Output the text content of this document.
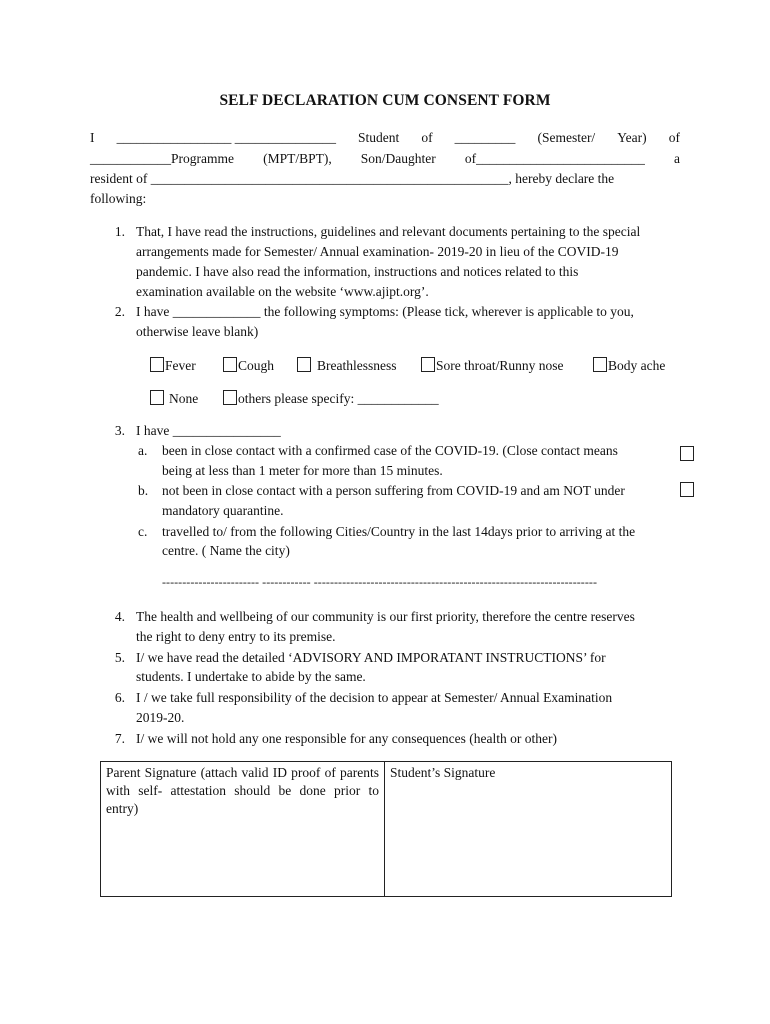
SELF DECLARATION CUM CONSENT FORM
I _________________ _______________ Student of _________ (Semester/ Year) of
____________Programme (MPT/BPT), Son/Daughter of_________________________ a
resident of _____________________________________________________, hereby declare the
following:
1. That, I have read the instructions, guidelines and relevant documents pertaining to the special
arrangements made for Semester/ Annual examination- 2019-20 in lieu of the COVID-19
pandemic. I have also read the information, instructions and notices related to this
examination available on the website ‘www.ajipt.org’.
2. I have _____________ the following symptoms: (Please tick, wherever is applicable to you,
otherwise leave blank)
Fever	Cough	Breathlessness	Sore throat/Runny nose	Body ache
None	others please specify: ____________
3. I have ________________
a. been in close contact with a confirmed case of the COVID-19. (Close contact means
being at less than 1 meter for more than 15 minutes.
b. not been in close contact with a person suffering from COVID-19 and am NOT under
mandatory quarantine.
c. travelled to/ from the following Cities/Country in the last 14days prior to arriving at the
centre. ( Name the city)
------------------------ ------------ ----------------------------------------------------------------------
4. The health and wellbeing of our community is our first priority, therefore the centre reserves
the right to deny entry to its premise.
5. I/ we have read the detailed ‘ADVISORY AND IMPORATANT INSTRUCTIONS’ for
students. I undertake to abide by the same.
6. I / we take full responsibility of the decision to appear at Semester/ Annual Examination
2019-20.
7. I/ we will not hold any one responsible for any consequences (health or other)
Parent Signature (attach valid ID proof of parents with self- attestation should be done prior to entry)	Student’s Signature
